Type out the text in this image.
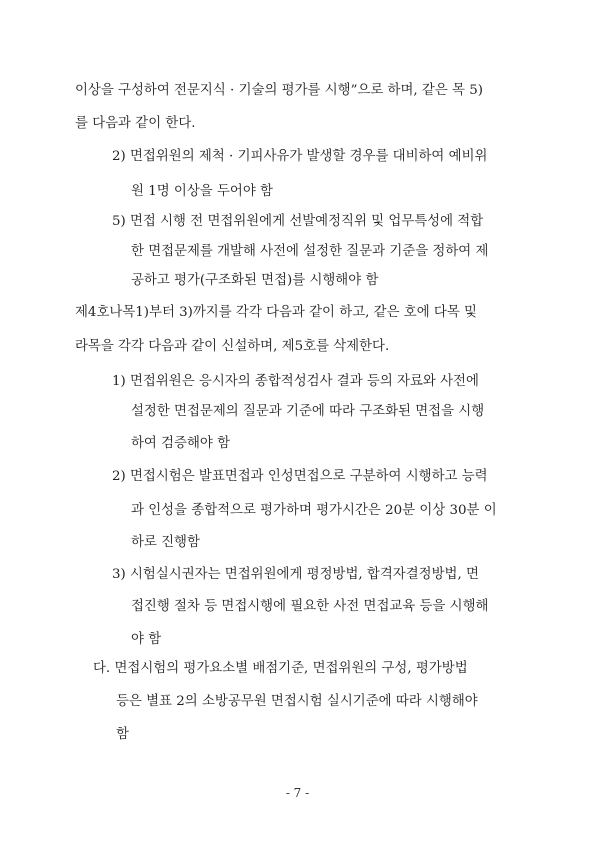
이상을 구성하여 전문지식 · 기술의 평가를 시행”으로 하며, 같은 목 5)

를 다음과 같이 한다.

2) 면접위원의 제척 · 기피사유가 발생할 경우를 대비하여 예비위

원 1명 이상을 두어야 함

5) 면접 시행 전 면접위원에게 선발예정직위 및 업무특성에 적합

한 면접문제를 개발해 사전에 설정한 질문과 기준을 정하여 제

공하고 평가(구조화된 면접)를 시행해야 함

제4호나목1)부터 3)까지를 각각 다음과 같이 하고, 같은 호에 다목 및

라목을 각각 다음과 같이 신설하며, 제5호를 삭제한다.

1) 면접위원은 응시자의 종합적성검사 결과 등의 자료와 사전에

설정한 면접문제의 질문과 기준에 따라 구조화된 면접을 시행

하여 검증해야 함

2) 면접시험은 발표면접과 인성면접으로 구분하여 시행하고 능력

과 인성을 종합적으로 평가하며 평가시간은 20분 이상 30분 이

하로 진행함

3) 시험실시권자는 면접위원에게 평정방법, 합격자결정방법, 면

접진행 절차 등 면접시행에 필요한 사전 면접교육 등을 시행해

야 함

다. 면접시험의 평가요소별 배점기준, 면접위원의 구성, 평가방법

등은 별표 2의 소방공무원 면접시험 실시기준에 따라 시행해야

함

- 7 -
